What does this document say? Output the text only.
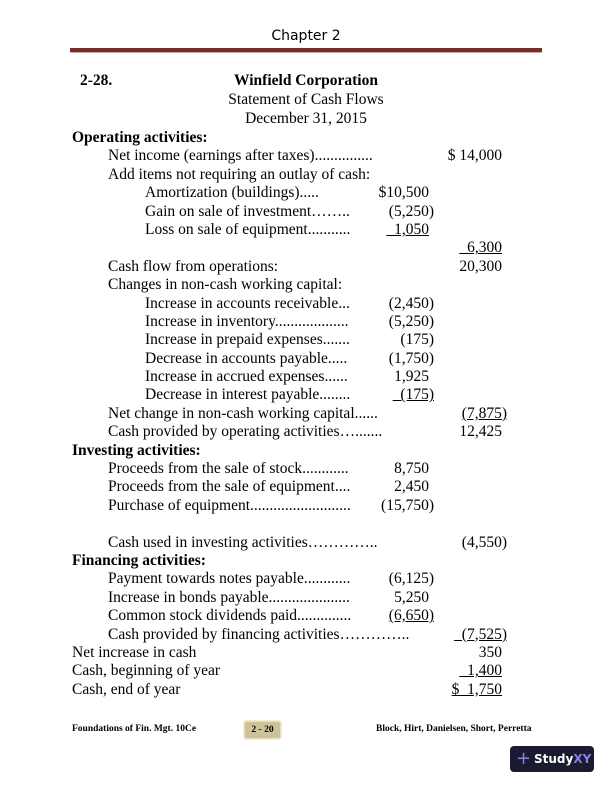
Chapter 2
2-28.	Winfield Corporation
Statement of Cash Flows
December 31, 2015
Operating activities:
Net income (earnings after taxes)...............	$ 14,000
Add items not requiring an outlay of cash:
Amortization (buildings).....	$10,500
Gain on sale of investment……..	(5,250)
Loss on sale of equipment........... 1,050
6,300
Cash flow from operations:	20,300
Changes in non-cash working capital:
Increase in accounts receivable...	(2,450)
Increase in inventory...................	(5,250)
Increase in prepaid expenses.......	(175)
Decrease in accounts payable.....	(1,750)
Increase in accrued expenses......	1,925
Decrease in interest payable........	(175)
Net change in non-cash working capital......	(7,875)
Cash provided by operating activities….......	12,425
Investing activities:
Proceeds from the sale of stock............	8,750
Proceeds from the sale of equipment....	2,450
Purchase of equipment.......................... (15,750)
Cash used in investing activities…………..	(4,550)
Financing activities:
Payment towards notes payable............ (6,125)
Increase in bonds payable.....................	5,250
Common stock dividends paid.............. (6,650)
Cash provided by financing activities…………..	(7,525)
Net increase in cash	350
Cash, beginning of year	1,400
Cash, end of year	$  1,750
Foundations of Fin. Mgt. 10Ce	2 - 20	Block, Hirt, Danielsen, Short, Perretta
+ StudyXY
